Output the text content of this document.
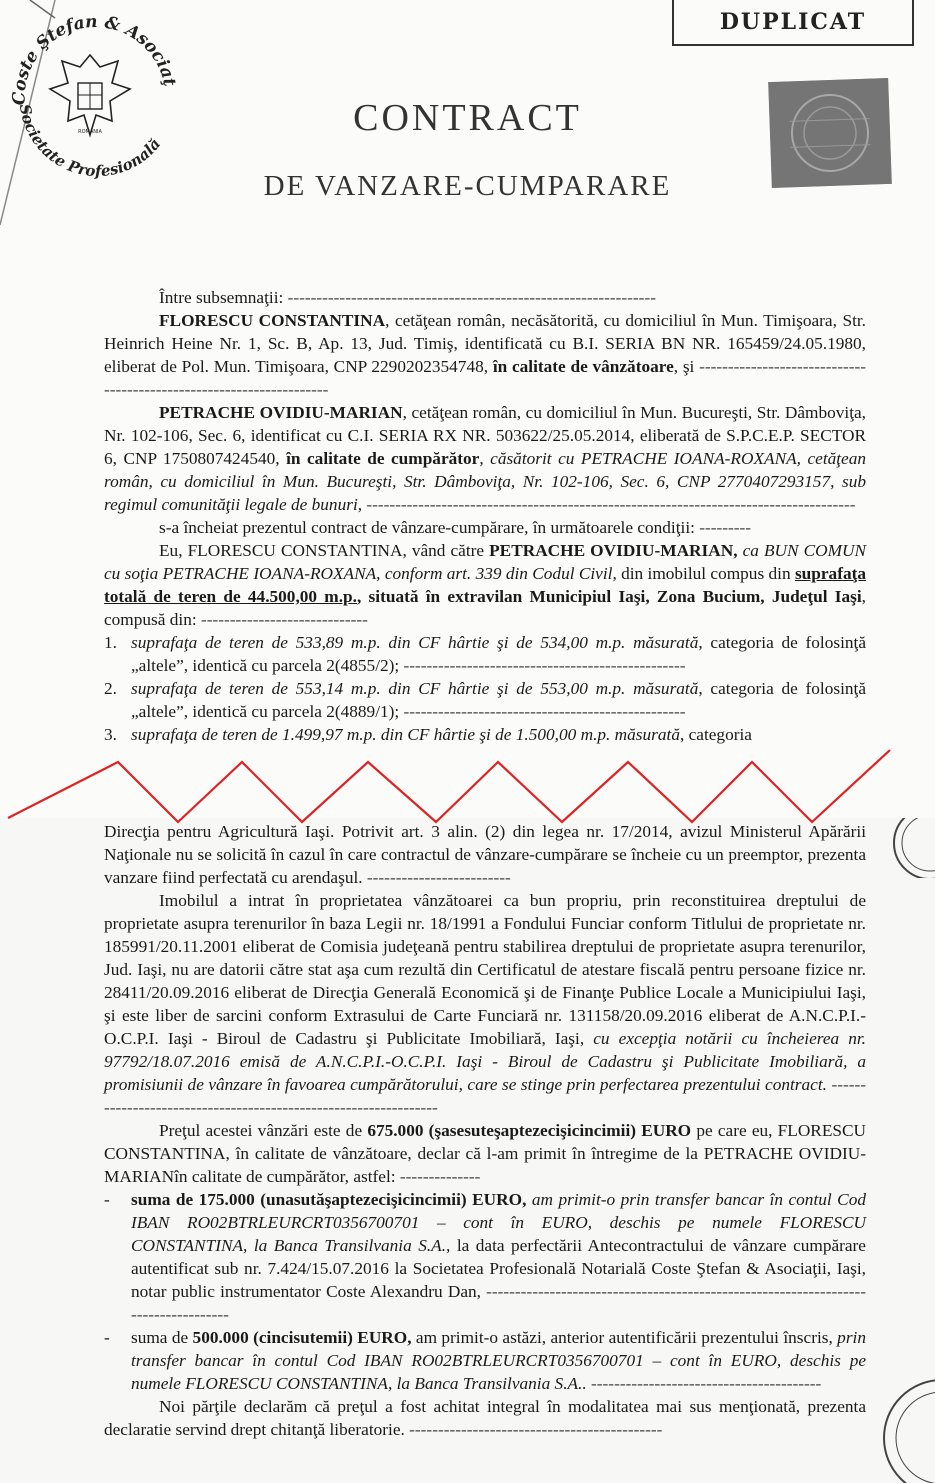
Coste Ştefan & Asociaţ
Societate Profesională
ROMÂNIA
DUPLICAT
CONTRACT
DE VANZARE-CUMPARARE

Între subsemnaţii: ----------------------------------------------------------------

FLORESCU CONSTANTINA, cetăţean român, necăsătorită, cu domiciliul în Mun. Timişoara, Str. Heinrich Heine Nr. 1, Sc. B, Ap. 13, Jud. Timiş, identificată cu B.I. SERIA BN NR. 165459/24.05.1980, eliberat de Pol. Mun. Timişoara, CNP 2290202354748, în calitate de vânzătoare, şi --------------------------------------------------------------------

PETRACHE OVIDIU-MARIAN, cetăţean român, cu domiciliul în Mun. Bucureşti, Str. Dâmboviţa, Nr. 102-106, Sec. 6, identificat cu C.I. SERIA RX NR. 503622/25.05.2014, eliberată de S.P.C.E.P. SECTOR 6, CNP 1750807424540, în calitate de cumpărător, căsătorit cu PETRACHE IOANA-ROXANA, cetăţean român, cu domiciliul în Mun. Bucureşti, Str. Dâmboviţa, Nr. 102-106, Sec. 6, CNP 2770407293157, sub regimul comunităţii legale de bunuri, -------------------------------------------------------------------------------------

s-a încheiat prezentul contract de vânzare-cumpărare, în următoarele condiţii: ---------

Eu, FLORESCU CONSTANTINA, vând către PETRACHE OVIDIU-MARIAN, ca BUN COMUN cu soţia PETRACHE IOANA-ROXANA, conform art. 339 din Codul Civil, din imobilul compus din suprafaţa totală de teren de 44.500,00 m.p., situată în extravilan Municipiul Iaşi, Zona Bucium, Judeţul Iaşi, compusă din: -----------------------------

1. suprafaţa de teren de 533,89 m.p. din CF hârtie şi de 534,00 m.p. măsurată, categoria de folosinţă „altele”, identică cu parcela 2(4855/2); -------------------------------------------------
2. suprafaţa de teren de 553,14 m.p. din CF hârtie şi de 553,00 m.p. măsurată, categoria de folosinţă „altele”, identică cu parcela 2(4889/1); -------------------------------------------------
3. suprafaţa de teren de 1.499,97 m.p. din CF hârtie şi de 1.500,00 m.p. măsurată, categoria

Direcţia pentru Agricultură Iaşi. Potrivit art. 3 alin. (2) din legea nr. 17/2014, avizul Ministerul Apărării Naţionale nu se solicită în cazul în care contractul de vânzare-cumpărare se încheie cu un preemptor, prezenta vanzare fiind perfectată cu arendaşul. -------------------------

Imobilul a intrat în proprietatea vânzătoarei ca bun propriu, prin reconstituirea dreptului de proprietate asupra terenurilor în baza Legii nr. 18/1991 a Fondului Funciar conform Titlului de proprietate nr. 185991/20.11.2001 eliberat de Comisia judeţeană pentru stabilirea dreptului de proprietate asupra terenurilor, Jud. Iaşi, nu are datorii către stat aşa cum rezultă din Certificatul de atestare fiscală pentru persoane fizice nr. 28411/20.09.2016 eliberat de Direcţia Generală Economică şi de Finanţe Publice Locale a Municipiului Iaşi, şi este liber de sarcini conform Extrasului de Carte Funciară nr. 131158/20.09.2016 eliberat de A.N.C.P.I.-O.C.P.I. Iaşi - Biroul de Cadastru şi Publicitate Imobiliară, Iaşi, cu excepţia notării cu încheierea nr. 97792/18.07.2016 emisă de A.N.C.P.I.-O.C.P.I. Iaşi - Biroul de Cadastru şi Publicitate Imobiliară, a promisiunii de vânzare în favoarea cumpărătorului, care se stinge prin perfectarea prezentului contract. ----------------------------------------------------------------

Preţul acestei vânzări este de 675.000 (şasesuteşaptezecişicincimii) EURO pe care eu, FLORESCU CONSTANTINA, în calitate de vânzătoare, declar că l-am primit în întregime de la PETRACHE OVIDIU-MARIANîn calitate de cumpărător, astfel: --------------

- suma de 175.000 (unasutăşaptezecişicincimii) EURO, am primit-o prin transfer bancar în contul Cod IBAN RO02BTRLEURCRT0356700701 – cont în EURO, deschis pe numele FLORESCU CONSTANTINA, la Banca Transilvania S.A., la data perfectării Antecontractului de vânzare cumpărare autentificat sub nr. 7.424/15.07.2016 la Societatea Profesională Notarială Coste Ştefan & Asociaţii, Iaşi, notar public instrumentator Coste Alexandru Dan, -----------------------------------------------------------------------------------
- suma de 500.000 (cincisutemii) EURO, am primit-o astăzi, anterior autentificării prezentului înscris, prin transfer bancar în contul Cod IBAN RO02BTRLEURCRT0356700701 – cont în EURO, deschis pe numele FLORESCU CONSTANTINA, la Banca Transilvania S.A.. ----------------------------------------

Noi părţile declarăm că preţul a fost achitat integral în modalitatea mai sus menţionată, prezenta declaratie servind drept chitanţă liberatorie. --------------------------------------------
